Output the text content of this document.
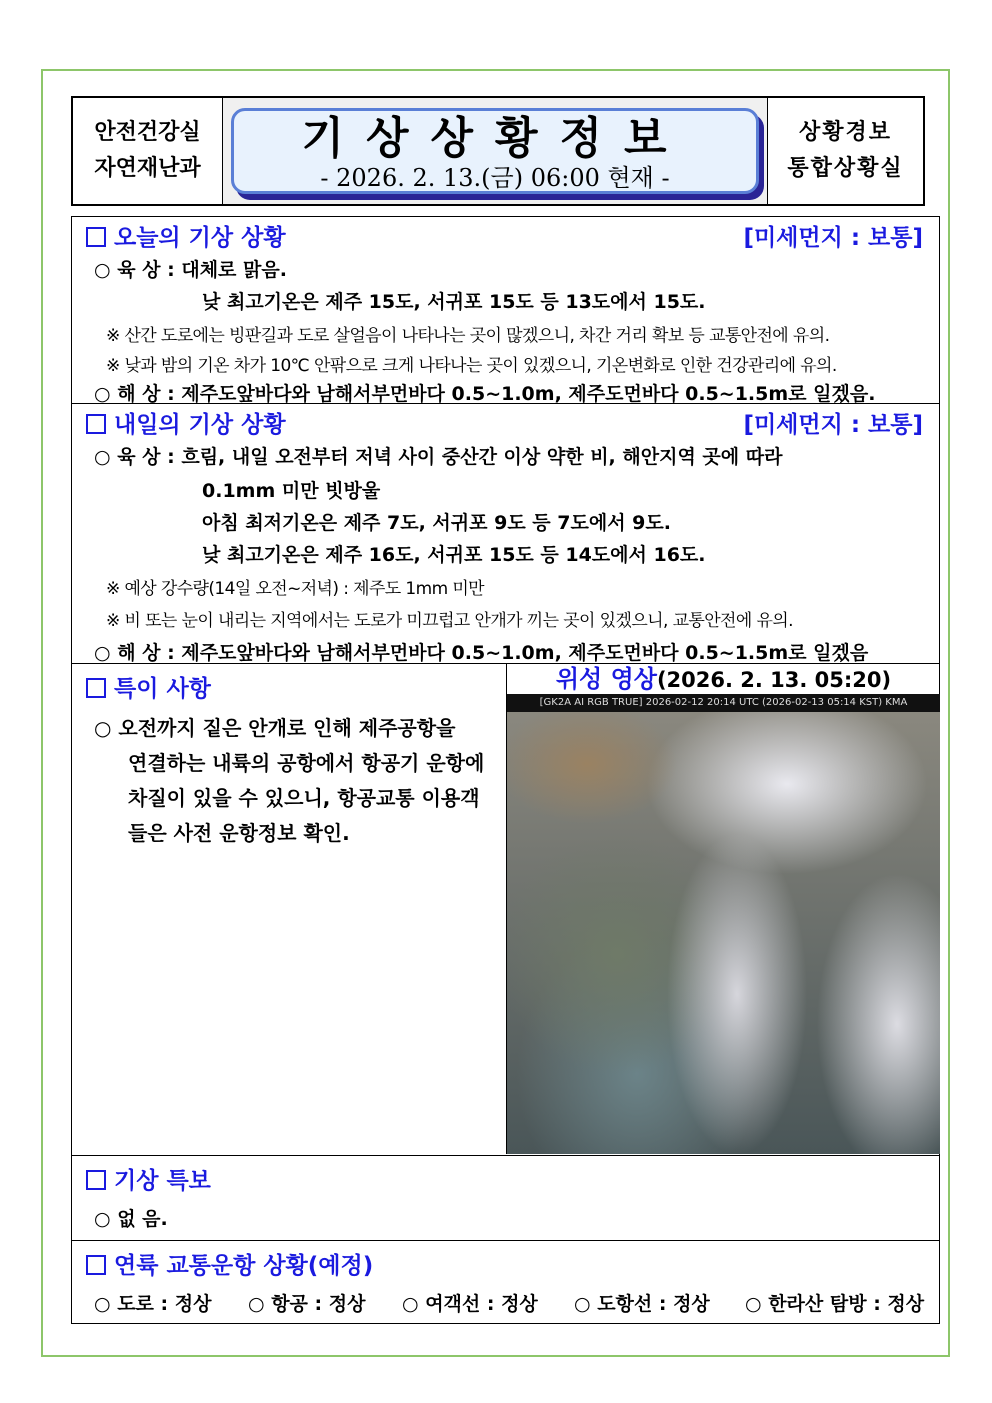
안전건강실
자연재난과
기상상황정보
- 2026. 2. 13.(금) 06:00 현재 -
상황경보
통합상황실
오늘의 기상 상황	[미세먼지 : 보통]
○ 육 상 : 대체로 맑음.
낮 최고기온은 제주 15도, 서귀포 15도 등 13도에서 15도.
※ 산간 도로에는 빙판길과 도로 살얼음이 나타나는 곳이 많겠으니, 차간 거리 확보 등 교통안전에 유의.
※ 낮과 밤의 기온 차가 10℃ 안팎으로 크게 나타나는 곳이 있겠으니, 기온변화로 인한 건강관리에 유의.
○ 해 상 : 제주도앞바다와 남해서부먼바다 0.5~1.0m, 제주도먼바다 0.5~1.5m로 일겠음.
내일의 기상 상황	[미세먼지 : 보통]
○ 육 상 : 흐림, 내일 오전부터 저녁 사이 중산간 이상 약한 비, 해안지역 곳에 따라
0.1mm 미만 빗방울
아침 최저기온은 제주 7도, 서귀포 9도 등 7도에서 9도.
낮 최고기온은 제주 16도, 서귀포 15도 등 14도에서 16도.
※ 예상 강수량(14일 오전~저녁) : 제주도 1mm 미만
※ 비 또는 눈이 내리는 지역에서는 도로가 미끄럽고 안개가 끼는 곳이 있겠으니, 교통안전에 유의.
○ 해 상 : 제주도앞바다와 남해서부먼바다 0.5~1.0m, 제주도먼바다 0.5~1.5m로 일겠음
특이 사항
○ 오전까지 짙은 안개로 인해 제주공항을
연결하는 내륙의 공항에서 항공기 운항에
차질이 있을 수 있으니, 항공교통 이용객
들은 사전 운항정보 확인.
위성 영상(2026. 2. 13. 05:20)
[GK2A AI RGB TRUE] 2026-02-12 20:14 UTC (2026-02-13 05:14 KST) KMA
기상 특보
○ 없 음.
연륙 교통운항 상황(예정)
○ 도로 : 정상 ○ 항공 : 정상 ○ 여객선 : 정상 ○ 도항선 : 정상 ○ 한라산 탐방 : 정상
